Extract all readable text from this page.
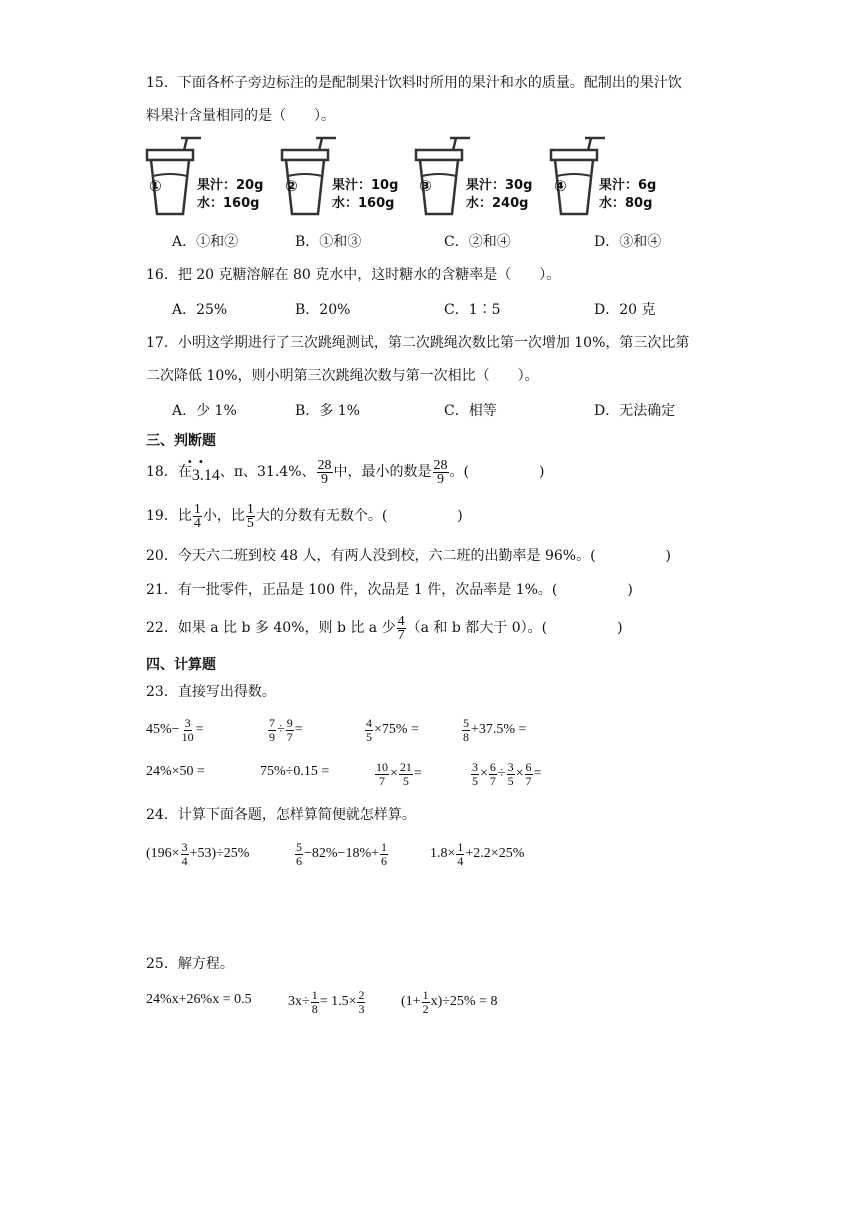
15．下面各杯子旁边标注的是配制果汁饮料时所用的果汁和水的质量。配制出的果汁饮
料果汁含量相同的是（　　）。
①	果汁：20g
水：160g
②	果汁：10g
水：160g
③	果汁：30g
水：240g
④ 果汁：6g
水：80g
A．①和②	B．①和③	C．②和④	D．③和④
16．把 20 克糖溶解在 80 克水中，这时糖水的含糖率是（　　）。
A．25%	B．20%	C．1∶5	D．20 克
17．小明这学期进行了三次跳绳测试，第二次跳绳次数比第一次增加 10%，第三次比第
二次降低 10%，则小明第三次跳绳次数与第一次相比（　　）。
A．少 1%	B．多 1%	C．相等	D．无法确定
三、判断题
18．在 3.14 、π、31.4%、 $\frac{28}{9}$ 中，最小的数是 $\frac{28}{9}$ 。(　　　　　)
· ·
19．比 $\frac{1}{4}$ 小，比 $\frac{1}{5}$ 大的分数有无数个。(　　　　　)
20．今天六二班到校 48 人，有两人没到校，六二班的出勤率是 96%。(　　　　　)
21．有一批零件，正品是 100 件，次品是 1 件，次品率是 1%。(　　　　　)
22．如果 a 比 b 多 40%，则 b 比 a 少 $\frac{4}{7} (a$ 和 b 都大于 0）。(　　　　　)
四、计算题
23．直接写出得数。
$45\%- \frac{3}{10}$ =	$\frac{7}{9} \div \frac{9}{7}$ =	$\frac{4}{5} \times 75\%$ =	$\frac{5}{8} +37.5\%$ =
24%×50 =	75%÷0.15 =	$\frac{10}{7} \times \frac{21}{5}$ =	$\frac{3}{5} \times \frac{6}{7} \div \frac{3}{5} \times \frac{6}{7}$ =
24．计算下面各题，怎样算简便就怎样算。
$(196\times \frac{3}{4} +53)\div 25\%$	$\frac{5}{6} -82\%-18\%+ \frac{1}{6}$	$1.8\times \frac{1}{4} +2.2\times 25\%$
25．解方程。
24%x+26%x = 0.5	$3x\div \frac{1}{8} = 1.5\times \frac{2}{3}$	$(1+ \frac{1}{2} x)\div 25\% = 8$
